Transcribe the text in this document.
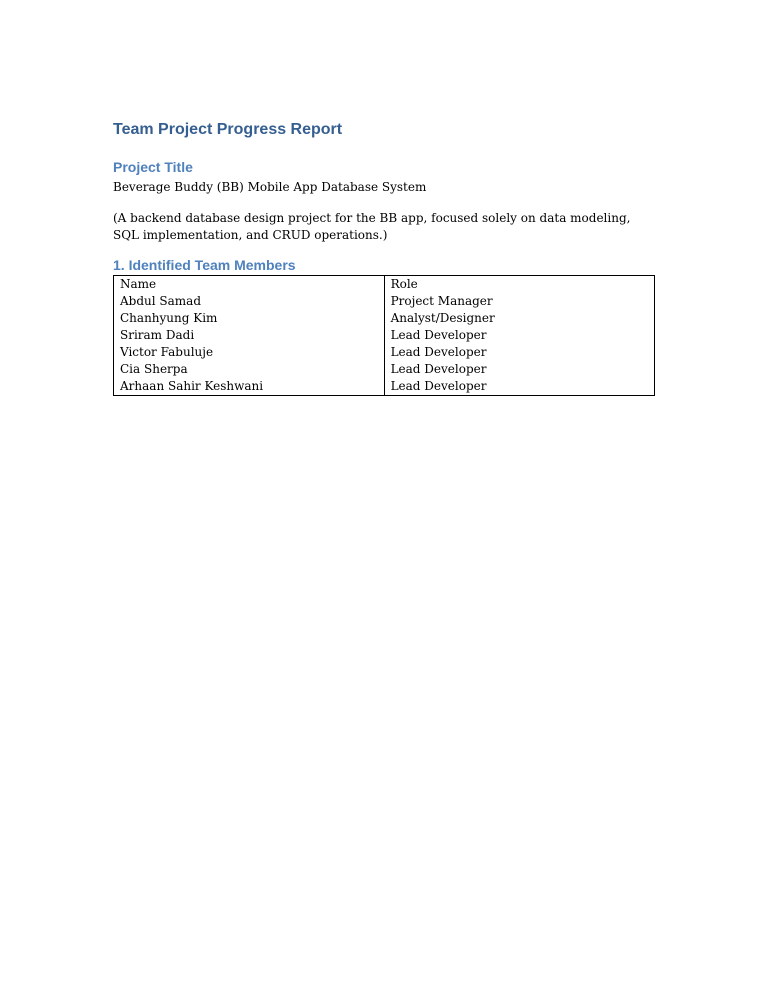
Team Project Progress Report
Project Title

Beverage Buddy (BB) Mobile App Database System

(A backend database design project for the BB app, focused solely on data modeling, SQL implementation, and CRUD operations.)

1. Identified Team Members
Name	Role
Abdul Samad	Project Manager
Chanhyung Kim	Analyst/Designer
Sriram Dadi	Lead Developer
Victor Fabuluje	Lead Developer
Cia Sherpa	Lead Developer
Arhaan Sahir Keshwani	Lead Developer
